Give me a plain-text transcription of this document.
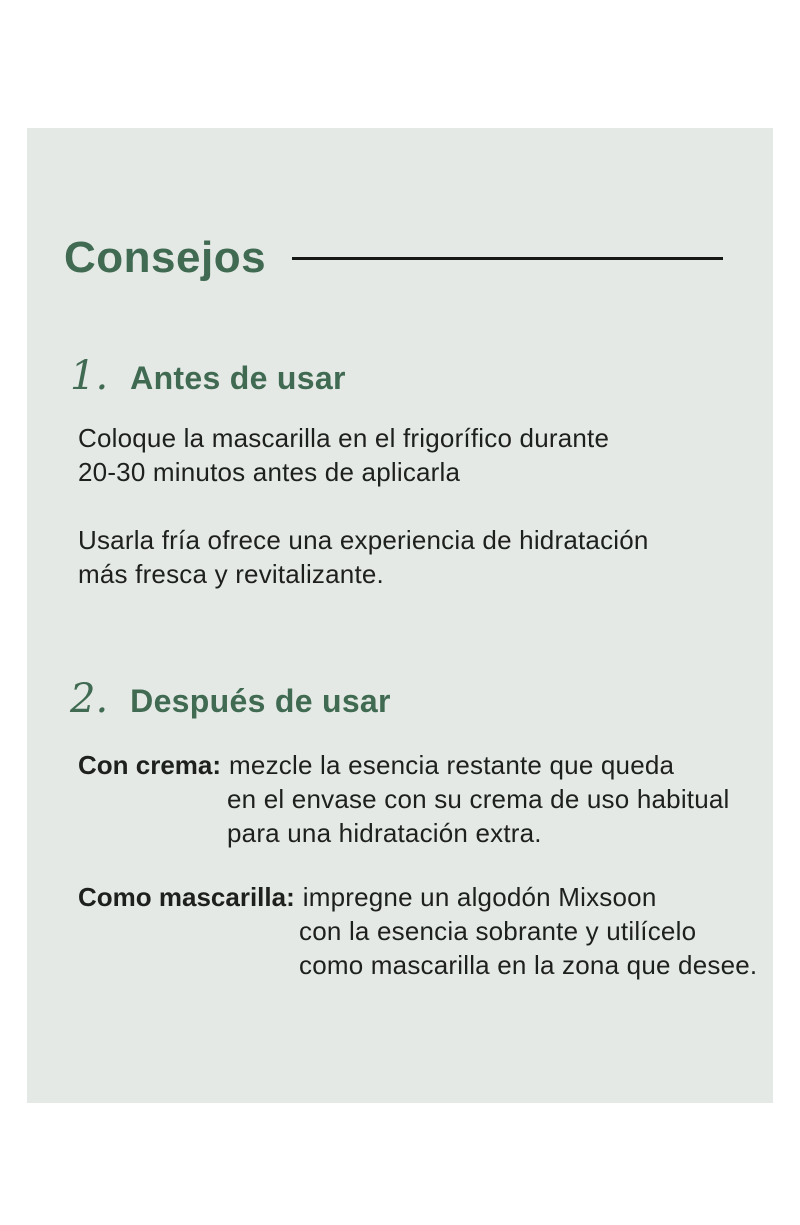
Consejos
1. Antes de usar
Coloque la mascarilla en el frigorífico durante
20-30 minutos antes de aplicarla
Usarla fría ofrece una experiencia de hidratación
más fresca y revitalizante.
2. Después de usar
Con crema: mezcle la esencia restante que queda
en el envase con su crema de uso habitual
para una hidratación extra.
Como mascarilla: impregne un algodón Mixsoon
con la esencia sobrante y utilícelo
como mascarilla en la zona que desee.
